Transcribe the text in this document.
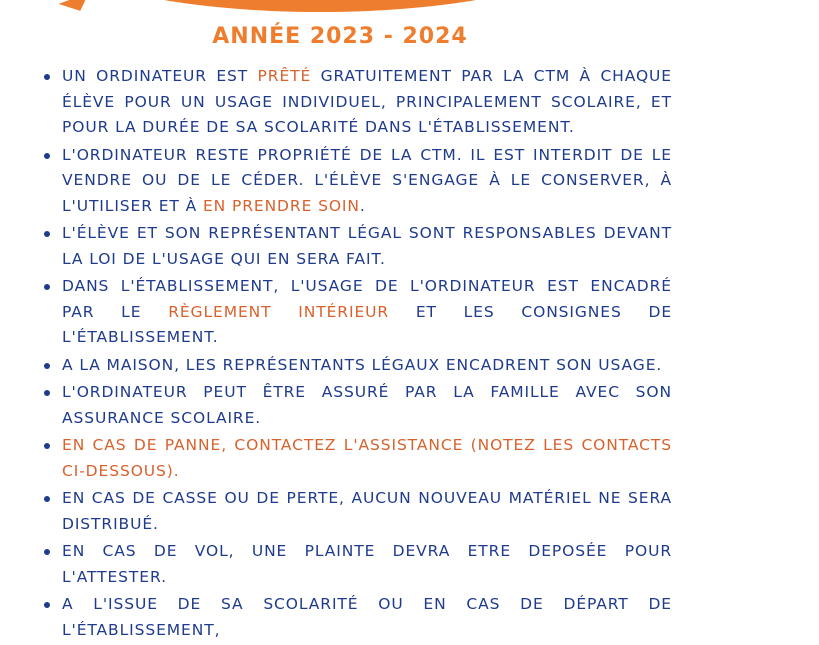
ANNÉE 2023 - 2024
UN ORDINATEUR EST PRÊTÉ GRATUITEMENT PAR LA CTM À CHAQUE ÉLÈVE POUR UN USAGE INDIVIDUEL, PRINCIPALEMENT SCOLAIRE, ET POUR LA DURÉE DE SA SCOLARITÉ DANS L'ÉTABLISSEMENT.
L'ORDINATEUR RESTE PROPRIÉTÉ DE LA CTM. IL EST INTERDIT DE LE VENDRE OU DE LE CÉDER. L'ÉLÈVE S'ENGAGE À LE CONSERVER, À L'UTILISER ET À EN PRENDRE SOIN.
L'ÉLÈVE ET SON REPRÉSENTANT LÉGAL SONT RESPONSABLES DEVANT LA LOI DE L'USAGE QUI EN SERA FAIT.
DANS L'ÉTABLISSEMENT, L'USAGE DE L'ORDINATEUR EST ENCADRÉ PAR LE RÈGLEMENT INTÉRIEUR ET LES CONSIGNES DE L'ÉTABLISSEMENT.
A LA MAISON, LES REPRÉSENTANTS LÉGAUX ENCADRENT SON USAGE.
L'ORDINATEUR PEUT ÊTRE ASSURÉ PAR LA FAMILLE AVEC SON ASSURANCE SCOLAIRE.
EN CAS DE PANNE, CONTACTEZ L'ASSISTANCE (NOTEZ LES CONTACTS CI-DESSOUS).
EN CAS DE CASSE OU DE PERTE, AUCUN NOUVEAU MATÉRIEL NE SERA DISTRIBUÉ.
EN CAS DE VOL, UNE PLAINTE DEVRA ETRE DEPOSÉE POUR L'ATTESTER.
A L'ISSUE DE SA SCOLARITÉ OU EN CAS DE DÉPART DE L'ÉTABLISSEMENT,
